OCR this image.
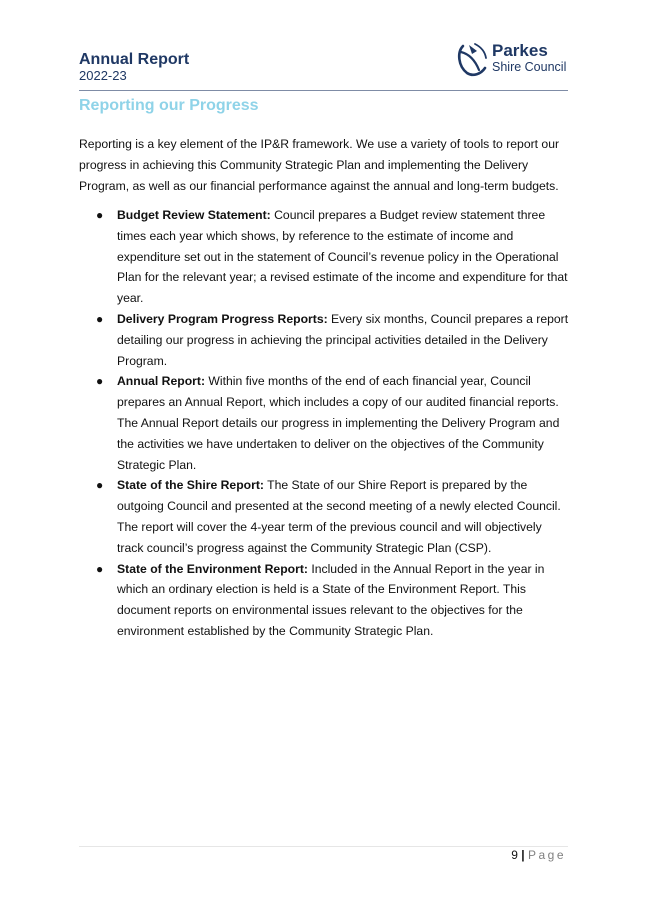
Annual Report
2022-23
Parkes
Shire Council
Reporting our Progress

Reporting is a key element of the IP&R framework. We use a variety of tools to report our progress in achieving this Community Strategic Plan and implementing the Delivery Program, as well as our financial performance against the annual and long-term budgets.

● Budget Review Statement: Council prepares a Budget review statement three times each year which shows, by reference to the estimate of income and expenditure set out in the statement of Council’s revenue policy in the Operational Plan for the relevant year; a revised estimate of the income and expenditure for that year.
● Delivery Program Progress Reports: Every six months, Council prepares a report detailing our progress in achieving the principal activities detailed in the Delivery Program.
● Annual Report: Within five months of the end of each financial year, Council prepares an Annual Report, which includes a copy of our audited financial reports. The Annual Report details our progress in implementing the Delivery Program and the activities we have undertaken to deliver on the objectives of the Community Strategic Plan.
● State of the Shire Report: The State of our Shire Report is prepared by the outgoing Council and presented at the second meeting of a newly elected Council. The report will cover the 4-year term of the previous council and will objectively track council’s progress against the Community Strategic Plan (CSP).
● State of the Environment Report: Included in the Annual Report in the year in which an ordinary election is held is a State of the Environment Report. This document reports on environmental issues relevant to the objectives for the environment established by the Community Strategic Plan.
9 | Page
